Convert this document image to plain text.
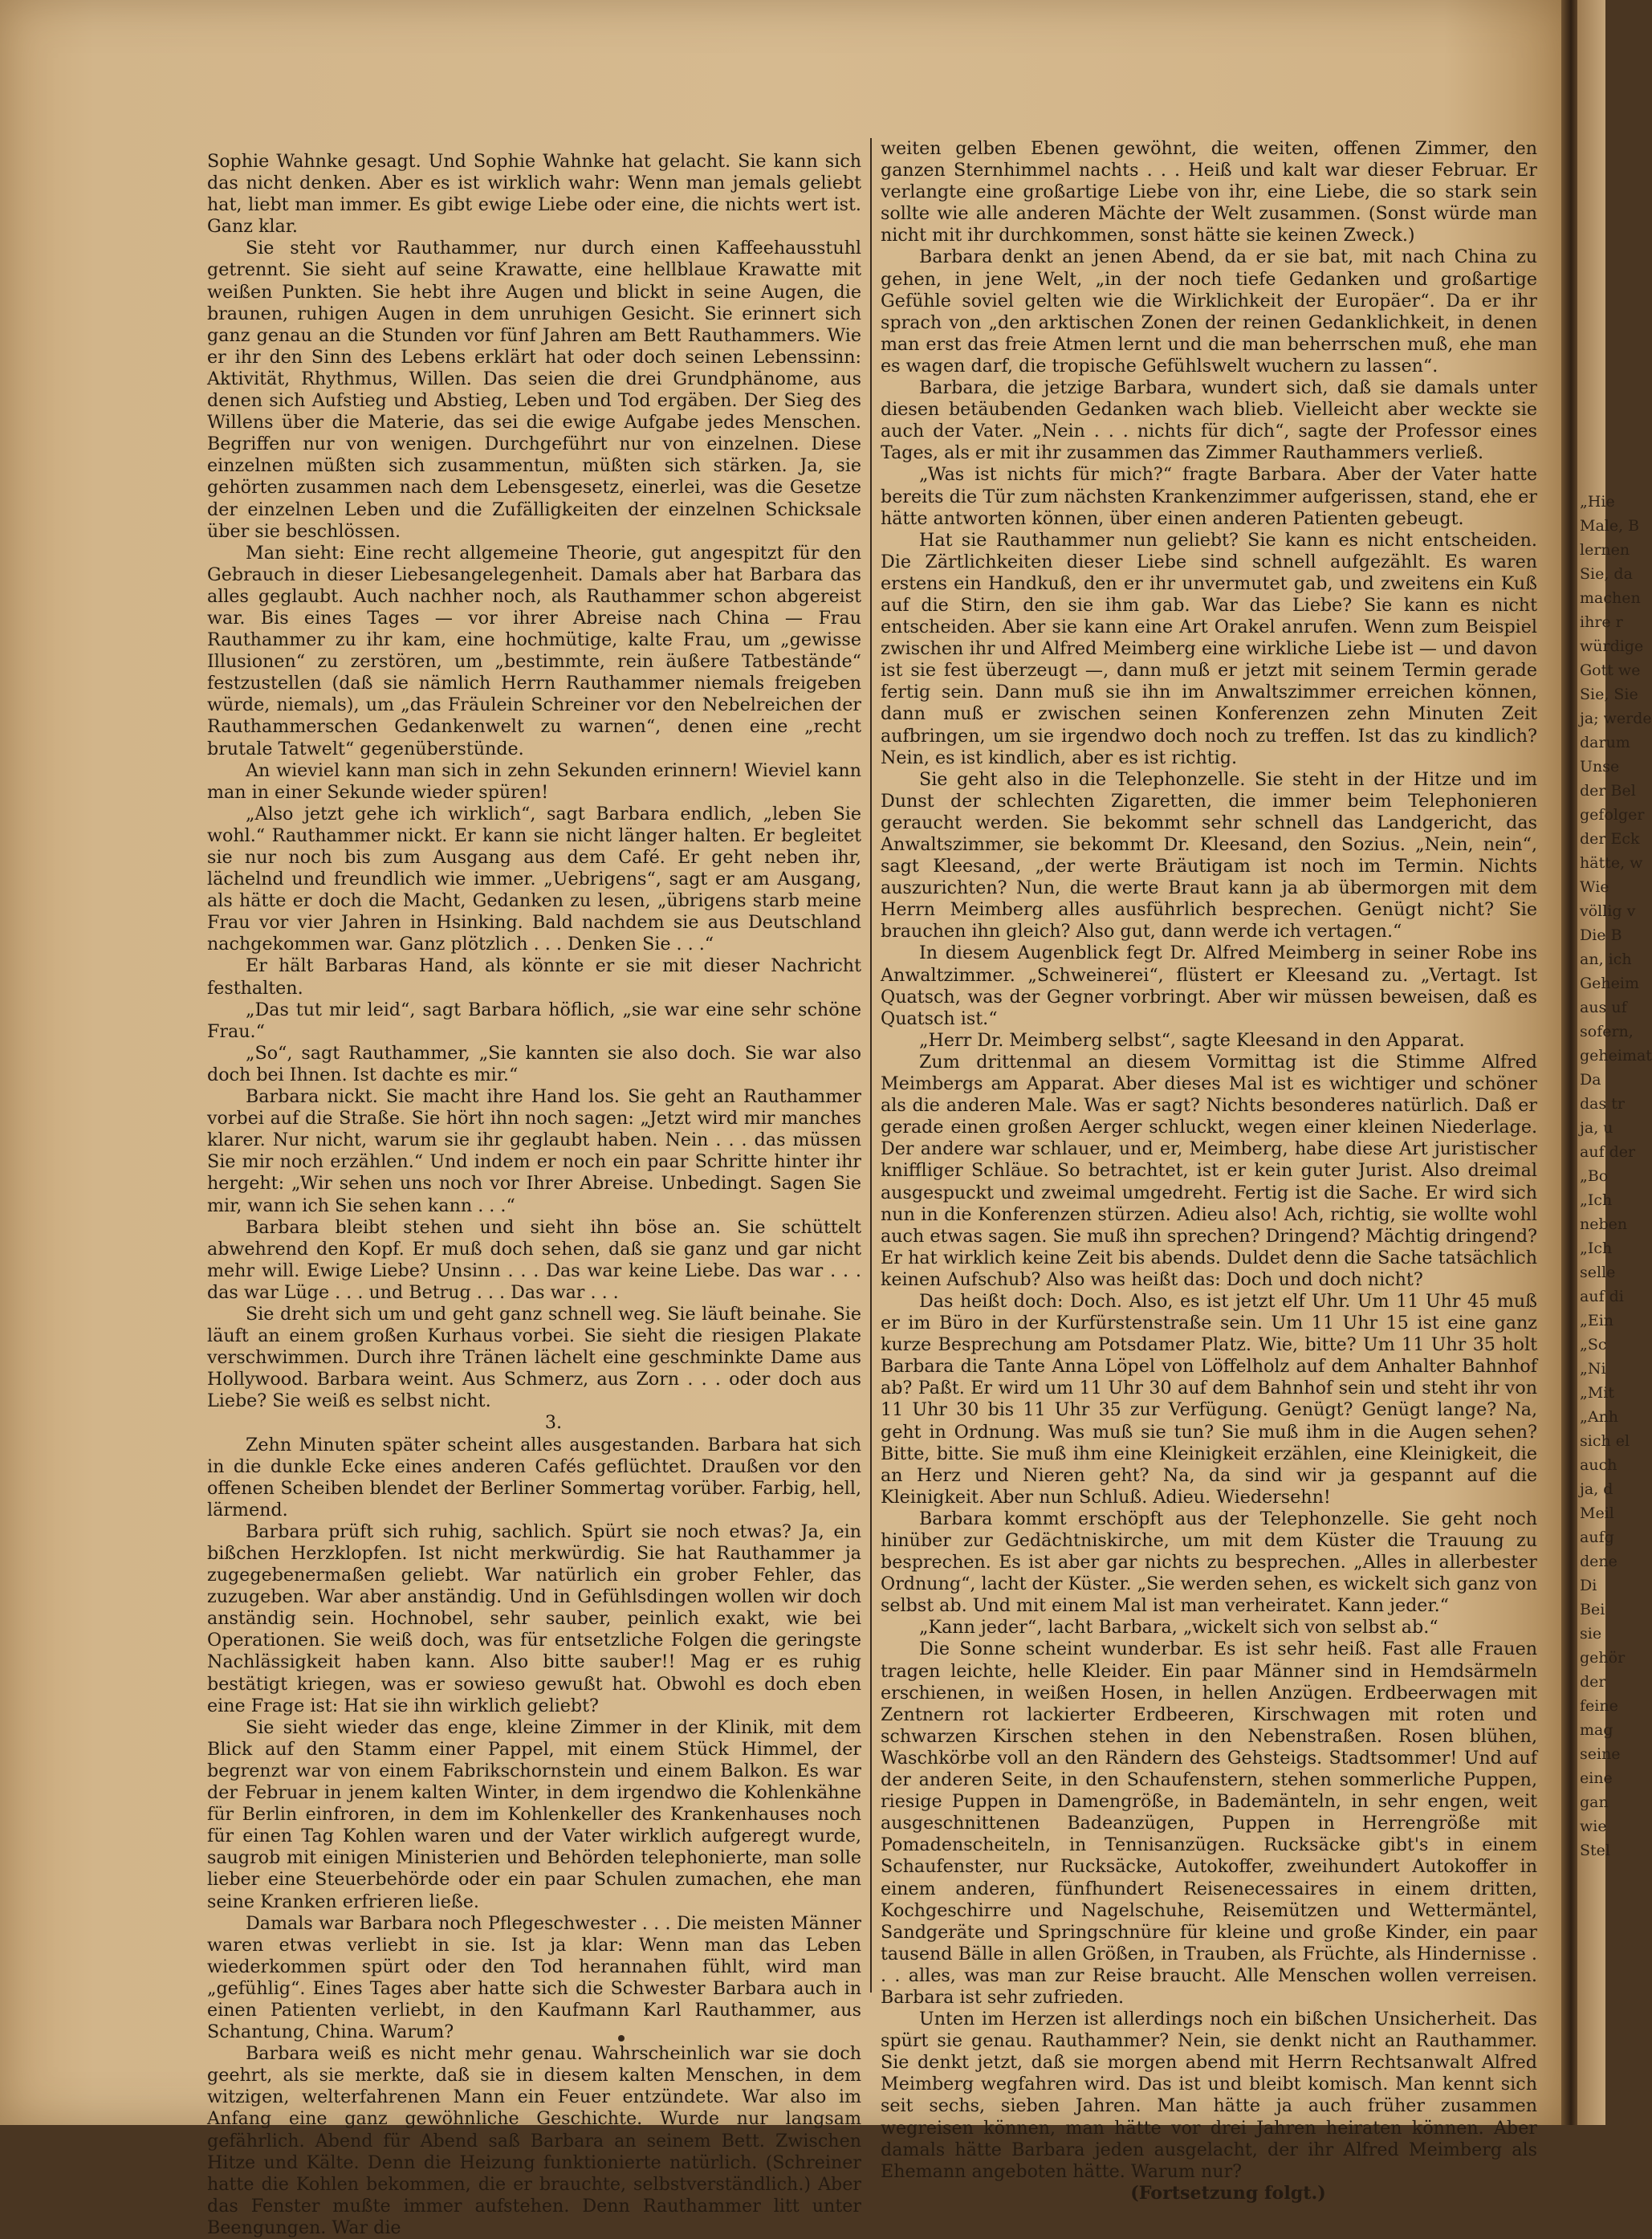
Sophie Wahnke gesagt. Und Sophie Wahnke hat gelacht. Sie kann sich das nicht denken. Aber es ist wirklich wahr: Wenn man jemals geliebt hat, liebt man immer. Es gibt ewige Liebe oder eine, die nichts wert ist. Ganz klar.

Sie steht vor Rauthammer, nur durch einen Kaffeehausstuhl getrennt. Sie sieht auf seine Krawatte, eine hellblaue Krawatte mit weißen Punkten. Sie hebt ihre Augen und blickt in seine Augen, die braunen, ruhigen Augen in dem unruhigen Gesicht. Sie erinnert sich ganz genau an die Stunden vor fünf Jahren am Bett Rauthammers. Wie er ihr den Sinn des Lebens erklärt hat oder doch seinen Lebenssinn: Aktivität, Rhythmus, Willen. Das seien die drei Grundphänome, aus denen sich Aufstieg und Abstieg, Leben und Tod ergäben. Der Sieg des Willens über die Materie, das sei die ewige Aufgabe jedes Menschen. Begriffen nur von wenigen. Durchgeführt nur von einzelnen. Diese einzelnen müßten sich zusammentun, müßten sich stärken. Ja, sie gehörten zusammen nach dem Lebensgesetz, einerlei, was die Gesetze der einzelnen Leben und die Zufälligkeiten der einzelnen Schicksale über sie beschlössen.

Man sieht: Eine recht allgemeine Theorie, gut angespitzt für den Gebrauch in dieser Liebesangelegenheit. Damals aber hat Barbara das alles geglaubt. Auch nachher noch, als Rauthammer schon abgereist war. Bis eines Tages — vor ihrer Abreise nach China — Frau Rauthammer zu ihr kam, eine hochmütige, kalte Frau, um „gewisse Illusionen“ zu zerstören, um „bestimmte, rein äußere Tatbestände“ festzustellen (daß sie nämlich Herrn Rauthammer niemals freigeben würde, niemals), um „das Fräulein Schreiner vor den Nebelreichen der Rauthammerschen Gedankenwelt zu warnen“, denen eine „recht brutale Tatwelt“ gegenüberstünde.

An wieviel kann man sich in zehn Sekunden erinnern! Wieviel kann man in einer Sekunde wieder spüren!

„Also jetzt gehe ich wirklich“, sagt Barbara endlich, „leben Sie wohl.“ Rauthammer nickt. Er kann sie nicht länger halten. Er begleitet sie nur noch bis zum Ausgang aus dem Café. Er geht neben ihr, lächelnd und freundlich wie immer. „Uebrigens“, sagt er am Ausgang, als hätte er doch die Macht, Gedanken zu lesen, „übrigens starb meine Frau vor vier Jahren in Hsinking. Bald nachdem sie aus Deutschland nachgekommen war. Ganz plötzlich . . . Denken Sie . . .“

Er hält Barbaras Hand, als könnte er sie mit dieser Nachricht festhalten.

„Das tut mir leid“, sagt Barbara höflich, „sie war eine sehr schöne Frau.“

„So“, sagt Rauthammer, „Sie kannten sie also doch. Sie war also doch bei Ihnen. Ist dachte es mir.“

Barbara nickt. Sie macht ihre Hand los. Sie geht an Rauthammer vorbei auf die Straße. Sie hört ihn noch sagen: „Jetzt wird mir manches klarer. Nur nicht, warum sie ihr geglaubt haben. Nein . . . das müssen Sie mir noch erzählen.“ Und indem er noch ein paar Schritte hinter ihr hergeht: „Wir sehen uns noch vor Ihrer Abreise. Unbedingt. Sagen Sie mir, wann ich Sie sehen kann . . .“

Barbara bleibt stehen und sieht ihn böse an. Sie schüttelt abwehrend den Kopf. Er muß doch sehen, daß sie ganz und gar nicht mehr will. Ewige Liebe? Unsinn . . . Das war keine Liebe. Das war . . . das war Lüge . . . und Betrug . . . Das war . . .

Sie dreht sich um und geht ganz schnell weg. Sie läuft beinahe. Sie läuft an einem großen Kurhaus vorbei. Sie sieht die riesigen Plakate verschwimmen. Durch ihre Tränen lächelt eine geschminkte Dame aus Hollywood. Barbara weint. Aus Schmerz, aus Zorn . . . oder doch aus Liebe? Sie weiß es selbst nicht.

3.

Zehn Minuten später scheint alles ausgestanden. Barbara hat sich in die dunkle Ecke eines anderen Cafés geflüchtet. Draußen vor den offenen Scheiben blendet der Berliner Sommertag vorüber. Farbig, hell, lärmend.

Barbara prüft sich ruhig, sachlich. Spürt sie noch etwas? Ja, ein bißchen Herzklopfen. Ist nicht merkwürdig. Sie hat Rauthammer ja zugegebenermaßen geliebt. War natürlich ein grober Fehler, das zuzugeben. War aber anständig. Und in Gefühlsdingen wollen wir doch anständig sein. Hochnobel, sehr sauber, peinlich exakt, wie bei Operationen. Sie weiß doch, was für entsetzliche Folgen die geringste Nachlässigkeit haben kann. Also bitte sauber!! Mag er es ruhig bestätigt kriegen, was er sowieso gewußt hat. Obwohl es doch eben eine Frage ist: Hat sie ihn wirklich geliebt?

Sie sieht wieder das enge, kleine Zimmer in der Klinik, mit dem Blick auf den Stamm einer Pappel, mit einem Stück Himmel, der begrenzt war von einem Fabrikschornstein und einem Balkon. Es war der Februar in jenem kalten Winter, in dem irgendwo die Kohlenkähne für Berlin einfroren, in dem im Kohlenkeller des Krankenhauses noch für einen Tag Kohlen waren und der Vater wirklich aufgeregt wurde, saugrob mit einigen Ministerien und Behörden telephonierte, man solle lieber eine Steuerbehörde oder ein paar Schulen zumachen, ehe man seine Kranken erfrieren ließe.

Damals war Barbara noch Pflegeschwester . . . Die meisten Männer waren etwas verliebt in sie. Ist ja klar: Wenn man das Leben wiederkommen spürt oder den Tod herannahen fühlt, wird man „gefühlig“. Eines Tages aber hatte sich die Schwester Barbara auch in einen Patienten verliebt, in den Kaufmann Karl Rauthammer, aus Schantung, China. Warum?

Barbara weiß es nicht mehr genau. Wahrscheinlich war sie doch geehrt, als sie merkte, daß sie in diesem kalten Menschen, in dem witzigen, welterfahrenen Mann ein Feuer entzündete. War also im Anfang eine ganz gewöhnliche Geschichte. Wurde nur langsam gefährlich. Abend für Abend saß Barbara an seinem Bett. Zwischen Hitze und Kälte. Denn die Heizung funktionierte natürlich. (Schreiner hatte die Kohlen bekommen, die er brauchte, selbstverständlich.) Aber das Fenster mußte immer aufstehen. Denn Rauthammer litt unter Beengungen. War die

weiten gelben Ebenen gewöhnt, die weiten, offenen Zimmer, den ganzen Sternhimmel nachts . . . Heiß und kalt war dieser Februar. Er verlangte eine großartige Liebe von ihr, eine Liebe, die so stark sein sollte wie alle anderen Mächte der Welt zusammen. (Sonst würde man nicht mit ihr durchkommen, sonst hätte sie keinen Zweck.)

Barbara denkt an jenen Abend, da er sie bat, mit nach China zu gehen, in jene Welt, „in der noch tiefe Gedanken und großartige Gefühle soviel gelten wie die Wirklichkeit der Europäer“. Da er ihr sprach von „den arktischen Zonen der reinen Gedanklichkeit, in denen man erst das freie Atmen lernt und die man beherrschen muß, ehe man es wagen darf, die tropische Gefühlswelt wuchern zu lassen“.

Barbara, die jetzige Barbara, wundert sich, daß sie damals unter diesen betäubenden Gedanken wach blieb. Vielleicht aber weckte sie auch der Vater. „Nein . . . nichts für dich“, sagte der Professor eines Tages, als er mit ihr zusammen das Zimmer Rauthammers verließ.

„Was ist nichts für mich?“ fragte Barbara. Aber der Vater hatte bereits die Tür zum nächsten Krankenzimmer aufgerissen, stand, ehe er hätte antworten können, über einen anderen Patienten gebeugt.

Hat sie Rauthammer nun geliebt? Sie kann es nicht entscheiden. Die Zärtlichkeiten dieser Liebe sind schnell aufgezählt. Es waren erstens ein Handkuß, den er ihr unvermutet gab, und zweitens ein Kuß auf die Stirn, den sie ihm gab. War das Liebe? Sie kann es nicht entscheiden. Aber sie kann eine Art Orakel anrufen. Wenn zum Beispiel zwischen ihr und Alfred Meimberg eine wirkliche Liebe ist — und davon ist sie fest überzeugt —, dann muß er jetzt mit seinem Termin gerade fertig sein. Dann muß sie ihn im Anwaltszimmer erreichen können, dann muß er zwischen seinen Konferenzen zehn Minuten Zeit aufbringen, um sie irgendwo doch noch zu treffen. Ist das zu kindlich? Nein, es ist kindlich, aber es ist richtig.

Sie geht also in die Telephonzelle. Sie steht in der Hitze und im Dunst der schlechten Zigaretten, die immer beim Telephonieren geraucht werden. Sie bekommt sehr schnell das Landgericht, das Anwaltszimmer, sie bekommt Dr. Kleesand, den Sozius. „Nein, nein“, sagt Kleesand, „der werte Bräutigam ist noch im Termin. Nichts auszurichten? Nun, die werte Braut kann ja ab übermorgen mit dem Herrn Meimberg alles ausführlich besprechen. Genügt nicht? Sie brauchen ihn gleich? Also gut, dann werde ich vertagen.“

In diesem Augenblick fegt Dr. Alfred Meimberg in seiner Robe ins Anwaltzimmer. „Schweinerei“, flüstert er Kleesand zu. „Vertagt. Ist Quatsch, was der Gegner vorbringt. Aber wir müssen beweisen, daß es Quatsch ist.“

„Herr Dr. Meimberg selbst“, sagte Kleesand in den Apparat.

Zum drittenmal an diesem Vormittag ist die Stimme Alfred Meimbergs am Apparat. Aber dieses Mal ist es wichtiger und schöner als die anderen Male. Was er sagt? Nichts besonderes natürlich. Daß er gerade einen großen Aerger schluckt, wegen einer kleinen Niederlage. Der andere war schlauer, und er, Meimberg, habe diese Art juristischer kniffliger Schläue. So betrachtet, ist er kein guter Jurist. Also dreimal ausgespuckt und zweimal umgedreht. Fertig ist die Sache. Er wird sich nun in die Konferenzen stürzen. Adieu also! Ach, richtig, sie wollte wohl auch etwas sagen. Sie muß ihn sprechen? Dringend? Mächtig dringend? Er hat wirklich keine Zeit bis abends. Duldet denn die Sache tatsächlich keinen Aufschub? Also was heißt das: Doch und doch nicht?

Das heißt doch: Doch. Also, es ist jetzt elf Uhr. Um 11 Uhr 45 muß er im Büro in der Kurfürstenstraße sein. Um 11 Uhr 15 ist eine ganz kurze Besprechung am Potsdamer Platz. Wie, bitte? Um 11 Uhr 35 holt Barbara die Tante Anna Löpel von Löffelholz auf dem Anhalter Bahnhof ab? Paßt. Er wird um 11 Uhr 30 auf dem Bahnhof sein und steht ihr von 11 Uhr 30 bis 11 Uhr 35 zur Verfügung. Genügt? Genügt lange? Na, geht in Ordnung. Was muß sie tun? Sie muß ihm in die Augen sehen? Bitte, bitte. Sie muß ihm eine Kleinigkeit erzählen, eine Kleinigkeit, die an Herz und Nieren geht? Na, da sind wir ja gespannt auf die Kleinigkeit. Aber nun Schluß. Adieu. Wiedersehn!

Barbara kommt erschöpft aus der Telephonzelle. Sie geht noch hinüber zur Gedächtniskirche, um mit dem Küster die Trauung zu besprechen. Es ist aber gar nichts zu besprechen. „Alles in allerbester Ordnung“, lacht der Küster. „Sie werden sehen, es wickelt sich ganz von selbst ab. Und mit einem Mal ist man verheiratet. Kann jeder.“

„Kann jeder“, lacht Barbara, „wickelt sich von selbst ab.“

Die Sonne scheint wunderbar. Es ist sehr heiß. Fast alle Frauen tragen leichte, helle Kleider. Ein paar Männer sind in Hemdsärmeln erschienen, in weißen Hosen, in hellen Anzügen. Erdbeerwagen mit Zentnern rot lackierter Erdbeeren, Kirschwagen mit roten und schwarzen Kirschen stehen in den Nebenstraßen. Rosen blühen, Waschkörbe voll an den Rändern des Gehsteigs. Stadtsommer! Und auf der anderen Seite, in den Schaufenstern, stehen sommerliche Puppen, riesige Puppen in Damengröße, in Bademänteln, in sehr engen, weit ausgeschnittenen Badeanzügen, Puppen in Herrengröße mit Pomadenscheiteln, in Tennisanzügen. Rucksäcke gibt's in einem Schaufenster, nur Rucksäcke, Autokoffer, zweihundert Autokoffer in einem anderen, fünfhundert Reisenecessaires in einem dritten, Kochgeschirre und Nagelschuhe, Reisemützen und Wettermäntel, Sandgeräte und Springschnüre für kleine und große Kinder, ein paar tausend Bälle in allen Größen, in Trauben, als Früchte, als Hindernisse . . . alles, was man zur Reise braucht. Alle Menschen wollen verreisen. Barbara ist sehr zufrieden.

Unten im Herzen ist allerdings noch ein bißchen Unsicherheit. Das spürt sie genau. Rauthammer? Nein, sie denkt nicht an Rauthammer. Sie denkt jetzt, daß sie morgen abend mit Herrn Rechtsanwalt Alfred Meimberg wegfahren wird. Das ist und bleibt komisch. Man kennt sich seit sechs, sieben Jahren. Man hätte ja auch früher zusammen wegreisen können, man hätte vor drei Jahren heiraten können. Aber damals hätte Barbara jeden ausgelacht, der ihr Alfred Meimberg als Ehemann angeboten hätte. Warum nur?

(Fortsetzung folgt.)

„Hie
Male, B
lernen
Sie, da
machen
ihre r
würdige
Gott we
Sie, Sie
ja; werde
darum
Unse
der Bel
gefolger
der Eck
hätte, w
Wie
völlig v
Die B
an, ich
Geheim
aus uf
sofern,
geheimat
Da
das tr
ja, u
auf der
„Bo
„Ich
neben
„Ich
selle
auf di
„Ein
„Sc
„Ni
„Mit
„Anh
sich el
auch
ja, d
Meil
aufg
dene
Di
Bei
sie
gehör
der
feine
mag
seine
eine
gan
wie
Stel
